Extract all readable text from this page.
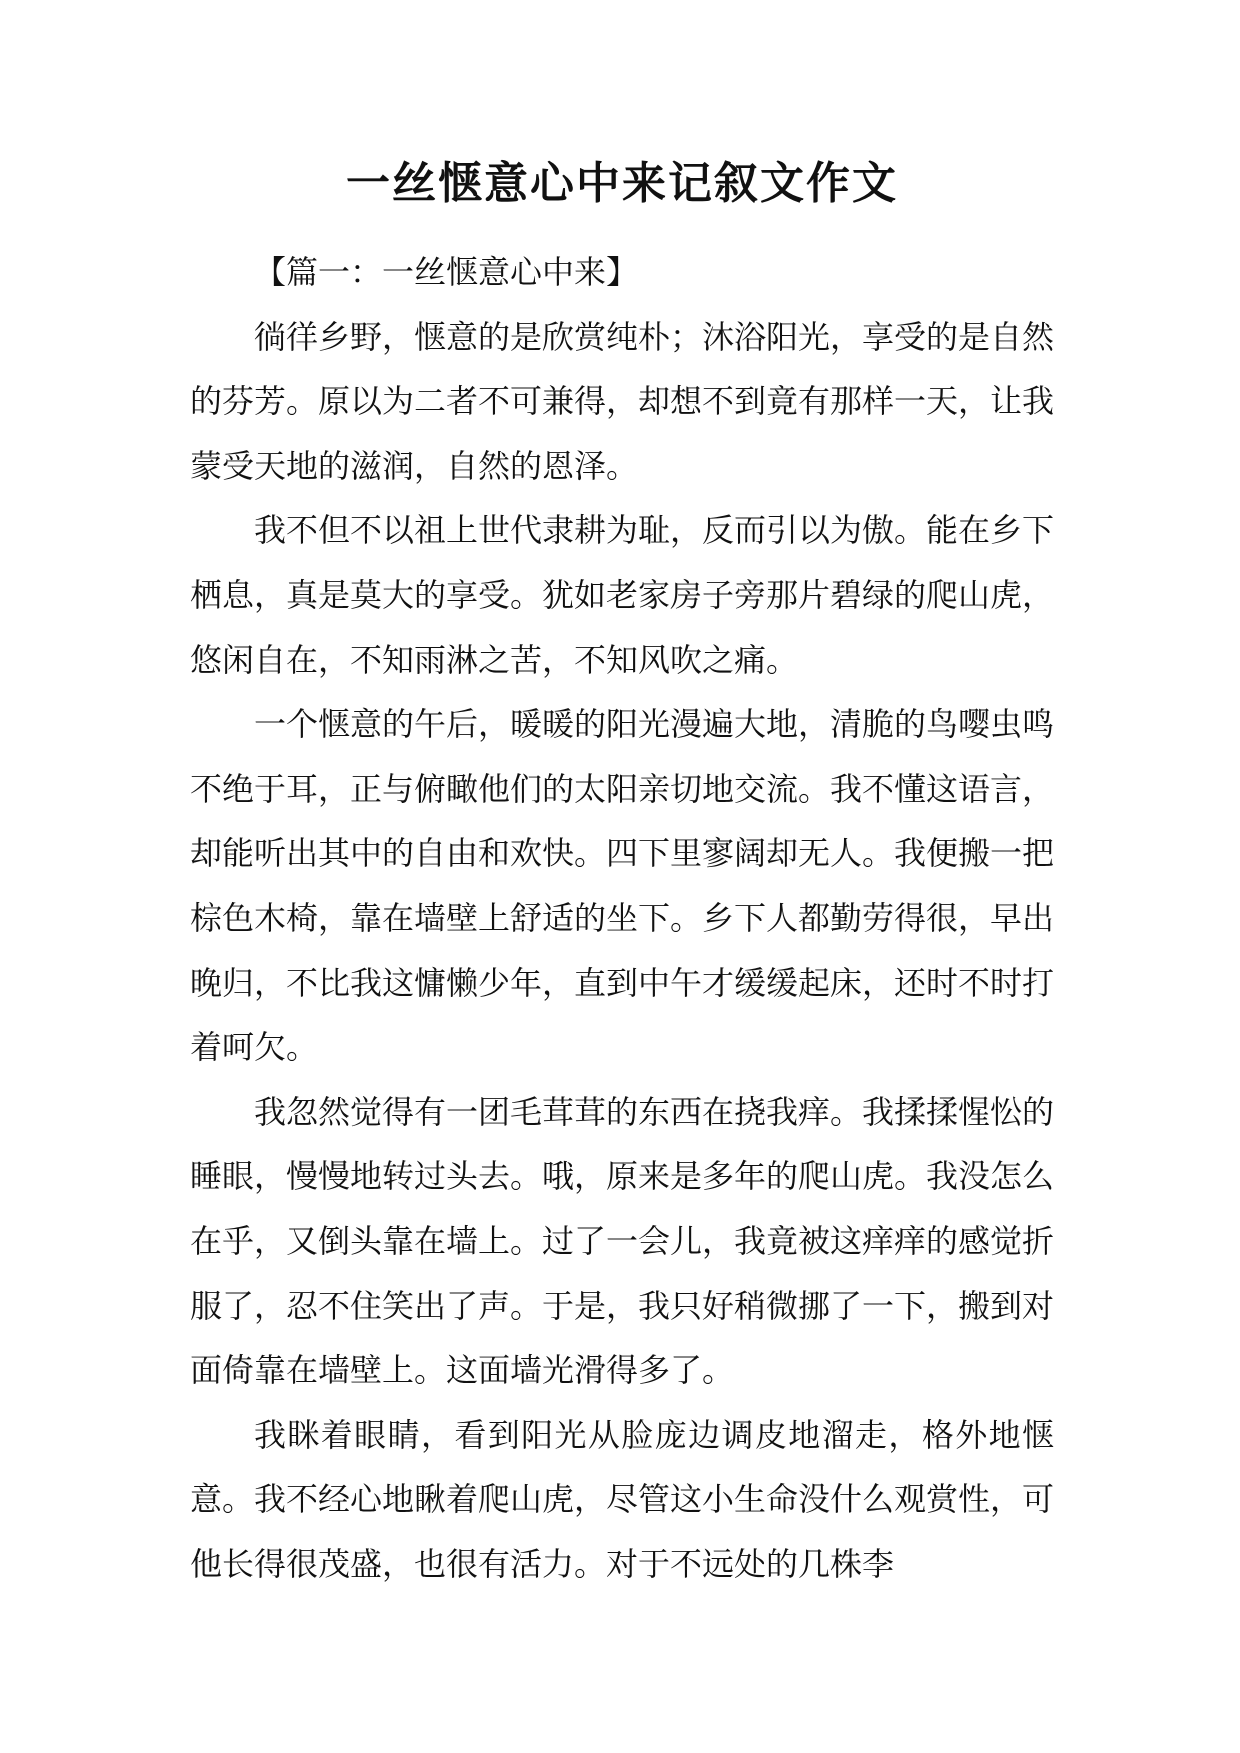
一丝惬意心中来记叙文作文

【篇一：一丝惬意心中来】

徜徉乡野，惬意的是欣赏纯朴；沐浴阳光，享受的是自然的芬芳。原以为二者不可兼得，却想不到竟有那样一天，让我蒙受天地的滋润，自然的恩泽。

我不但不以祖上世代隶耕为耻，反而引以为傲。能在乡下栖息，真是莫大的享受。犹如老家房子旁那片碧绿的爬山虎，悠闲自在，不知雨淋之苦，不知风吹之痛。

一个惬意的午后，暖暖的阳光漫遍大地，清脆的鸟嘤虫鸣不绝于耳，正与俯瞰他们的太阳亲切地交流。我不懂这语言，却能听出其中的自由和欢快。四下里寥阔却无人。我便搬一把棕色木椅，靠在墙壁上舒适的坐下。乡下人都勤劳得很，早出晚归，不比我这慵懒少年，直到中午才缓缓起床，还时不时打着呵欠。

我忽然觉得有一团毛茸茸的东西在挠我痒。我揉揉惺忪的睡眼，慢慢地转过头去。哦，原来是多年的爬山虎。我没怎么在乎，又倒头靠在墙上。过了一会儿，我竟被这痒痒的感觉折服了，忍不住笑出了声。于是，我只好稍微挪了一下，搬到对面倚靠在墙壁上。这面墙光滑得多了。

我眯着眼睛，看到阳光从脸庞边调皮地溜走，格外地惬意。我不经心地瞅着爬山虎，尽管这小生命没什么观赏性，可他长得很茂盛，也很有活力。对于不远处的几株李
